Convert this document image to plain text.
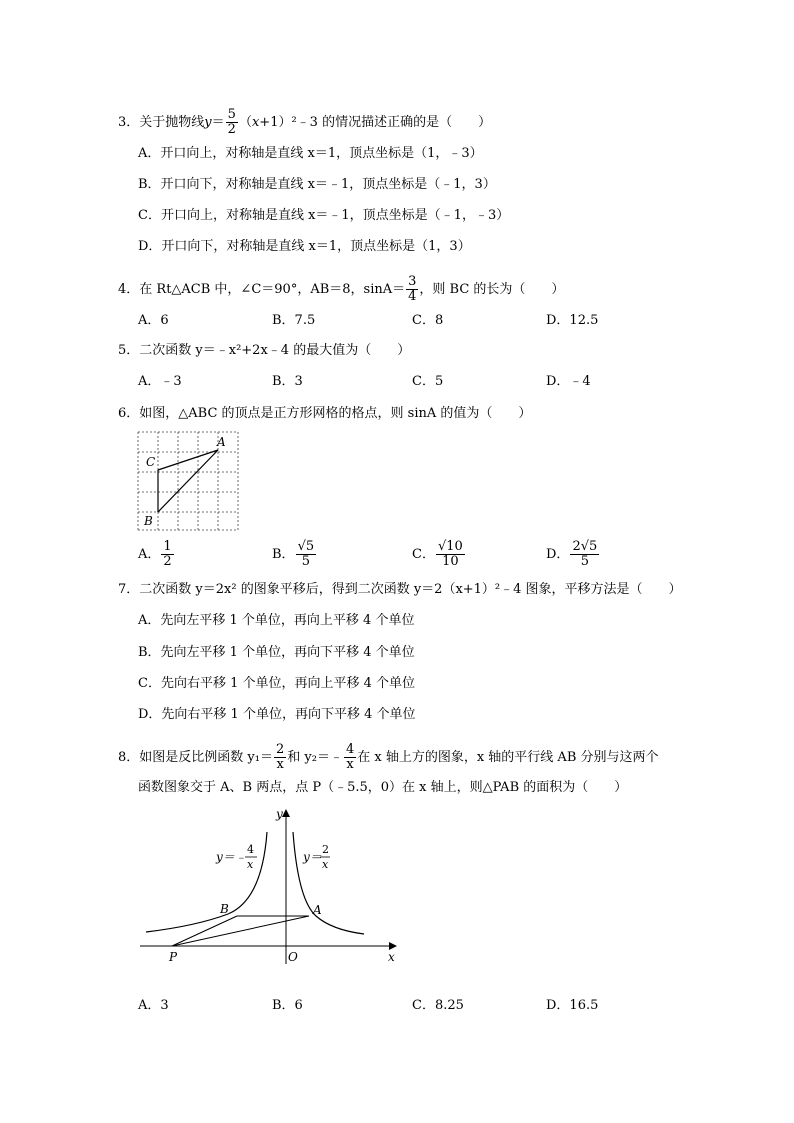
3．关于抛物线$y= \frac{5}{2}$ （x+1）²﹣3 的情况描述正确的是（　　）
A．开口向上，对称轴是直线 x＝1，顶点坐标是（1，﹣3）
B．开口向下，对称轴是直线 x＝﹣1，顶点坐标是（﹣1，3）
C．开口向上，对称轴是直线 x＝﹣1，顶点坐标是（﹣1，﹣3）
D．开口向下，对称轴是直线 x＝1，顶点坐标是（1，3）
4．在 Rt△ACB 中，∠C＝90°，AB＝8，$\sin A= \frac{3}{4}$ ，则 BC 的长为（　　）
A．6	B．7.5	C．8	D．12.5
5．二次函数 y＝﹣x²+2x﹣4 的最大值为（　　）
A．﹣3	B．3	C．5	D．﹣4
6．如图，△ABC 的顶点是正方形网格的格点，则 sinA 的值为（　　）
A
C
B
A． $\frac{1}{2}$	B． $\frac{√5}{5}$	C． $\frac{√10}{10}$	D． $\frac{2√5}{5}$
7．二次函数 y＝2x² 的图象平移后，得到二次函数 y＝2（x+1）²﹣4 图象，平移方法是（　　）
A．先向左平移 1 个单位，再向上平移 4 个单位
B．先向左平移 1 个单位，再向下平移 4 个单位
C．先向右平移 1 个单位，再向上平移 4 个单位
D．先向右平移 1 个单位，再向下平移 4 个单位
8．如图是反比例函数 $y_1= \frac{2}{x}$ 和 y₂＝﹣ $\frac{4}{x}$ 在 x 轴上方的图象，x 轴的平行线 AB 分别与这两个
函数图象交于 A、B 两点，点 P（﹣5.5，0）在 x 轴上，则△PAB 的面积为（　　）
y＝﹣
4
x
y＝
2
x
y
x
O
P
A
B
A．3	B．6	C．8.25	D．16.5
